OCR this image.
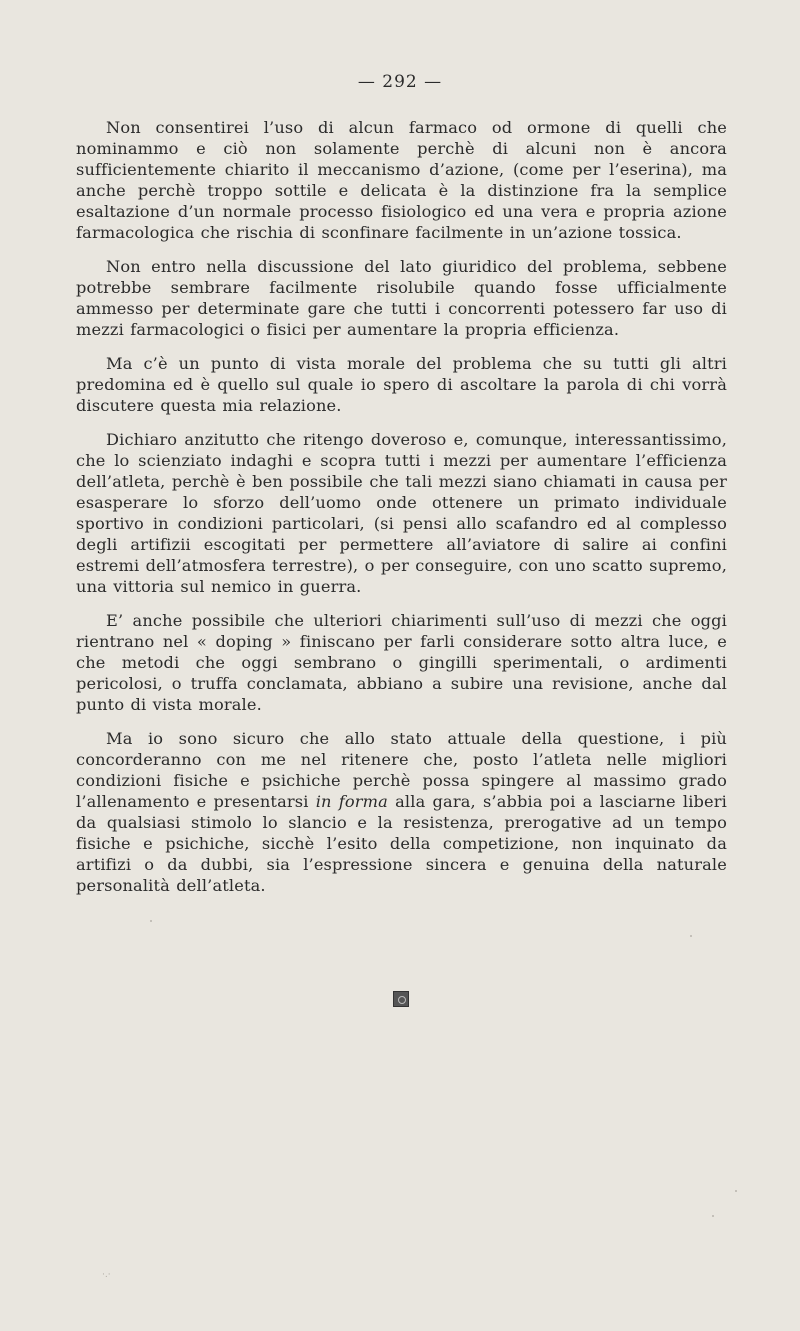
— 292 —

Non consentirei l’uso di alcun farmaco od ormone di quelli che nominammo e ciò non solamente perchè di alcuni non è ancora sufficientemente chiarito il meccanismo d’azione, (come per l’eserina), ma anche perchè troppo sottile e delicata è la distinzione fra la semplice esaltazione d’un normale processo fisiologico ed una vera e propria azione farmacologica che rischia di sconfinare facilmente in un’azione tossica.

Non entro nella discussione del lato giuridico del problema, sebbene potrebbe sembrare facilmente risolubile quando fosse ufficialmente ammesso per determinate gare che tutti i concorrenti potessero far uso di mezzi farmacologici o fisici per aumentare la propria efficienza.

Ma c’è un punto di vista morale del problema che su tutti gli altri predomina ed è quello sul quale io spero di ascoltare la parola di chi vorrà discutere questa mia relazione.

Dichiaro anzitutto che ritengo doveroso e, comunque, interessantissimo, che lo scienziato indaghi e scopra tutti i mezzi per aumentare l’efficienza dell’atleta, perchè è ben possibile che tali mezzi siano chiamati in causa per esasperare lo sforzo dell’uomo onde ottenere un primato individuale sportivo in condizioni particolari, (si pensi allo scafandro ed al complesso degli artifizii escogitati per permettere all’aviatore di salire ai confini estremi dell’atmosfera terrestre), o per conseguire, con uno scatto supremo, una vittoria sul nemico in guerra.

E’ anche possibile che ulteriori chiarimenti sull’uso di mezzi che oggi rientrano nel « doping » finiscano per farli considerare sotto altra luce, e che metodi che oggi sembrano o gingilli sperimentali, o ardimenti pericolosi, o truffa conclamata, abbiano a subire una revisione, anche dal punto di vista morale.

Ma io sono sicuro che allo stato attuale della questione, i più concorderanno con me nel ritenere che, posto l’atleta nelle migliori condizioni fisiche e psichiche perchè possa spingere al massimo grado l’allenamento e presentarsi in forma alla gara, s’abbia poi a lasciarne liberi da qualsiasi stimolo lo slancio e la resistenza, prerogative ad un tempo fisiche e psichiche, sicchè l’esito della competizione, non inquinato da artifizi o da dubbi, sia l’espressione sincera e genuina della naturale personalità dell’atleta.

·.·
